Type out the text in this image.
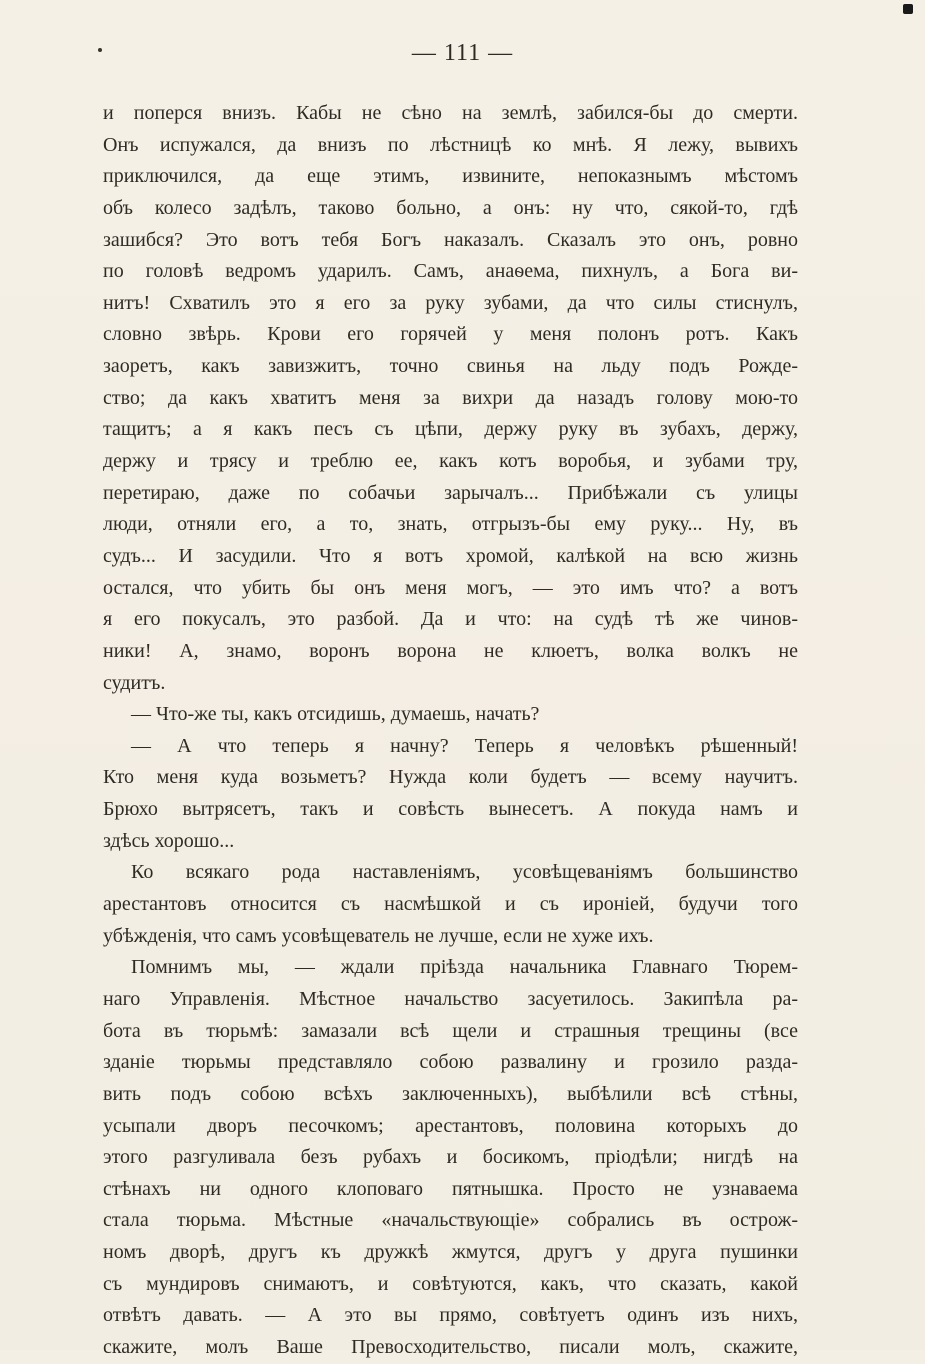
— 111 —
и поперся внизъ. Кабы не сѣно на землѣ, забился-бы до смерти.
Онъ испужался, да внизъ по лѣстницѣ ко мнѣ. Я лежу, вывихъ
приключился, да еще этимъ, извините, непоказнымъ мѣстомъ
объ колесо задѣлъ, таково больно, а онъ: ну что, сякой-то, гдѣ
зашибся? Это вотъ тебя Богъ наказалъ. Сказалъ это онъ, ровно
по головѣ ведромъ ударилъ. Самъ, анаѳема, пихнулъ, а Бога ви-
нитъ! Схватилъ это я его за руку зубами, да что силы стиснулъ,
словно звѣрь. Крови его горячей у меня полонъ ротъ. Какъ
заоретъ, какъ завизжитъ, точно свинья на льду подъ Рожде-
ство; да какъ хватитъ меня за вихри да назадъ голову мою-то
тащитъ; а я какъ песъ съ цѣпи, держу руку въ зубахъ, держу,
держу и трясу и треблю ее, какъ котъ воробья, и зубами тру,
перетираю, даже по собачьи зарычалъ... Прибѣжали съ улицы
люди, отняли его, а то, знать, отгрызъ-бы ему руку... Ну, въ
судъ... И засудили. Что я вотъ хромой, калѣкой на всю жизнь
остался, что убить бы онъ меня могъ, — это имъ что? а вотъ
я его покусалъ, это разбой. Да и что: на судѣ тѣ же чинов-
ники! А, знамо, воронъ ворона не клюетъ, волка волкъ не
судитъ.
— Что-же ты, какъ отсидишь, думаешь, начать?
— А что теперь я начну? Теперь я человѣкъ рѣшенный!
Кто меня куда возьметъ? Нужда коли будетъ — всему научитъ.
Брюхо вытрясетъ, такъ и совѣсть вынесетъ. А покуда намъ и
здѣсь хорошо...
Ко всякаго рода наставленіямъ, усовѣщеваніямъ большинство
арестантовъ относится съ насмѣшкой и съ ироніей, будучи того
убѣжденія, что самъ усовѣщеватель не лучше, если не хуже ихъ.
Помнимъ мы, — ждали пріѣзда начальника Главнаго Тюрем-
наго Управленія. Мѣстное начальство засуетилось. Закипѣла ра-
бота въ тюрьмѣ: замазали всѣ щели и страшныя трещины (все
зданіе тюрьмы представляло собою развалину и грозило разда-
вить подъ собою всѣхъ заключенныхъ), выбѣлили всѣ стѣны,
усыпали дворъ песочкомъ; арестантовъ, половина которыхъ до
этого разгуливала безъ рубахъ и босикомъ, пріодѣли; нигдѣ на
стѣнахъ ни одного клоповаго пятнышка. Просто не узнаваема
стала тюрьма. Мѣстные «начальствующіе» собрались въ острож-
номъ дворѣ, другъ къ дружкѣ жмутся, другъ у друга пушинки
съ мундировъ снимаютъ, и совѣтуются, какъ, что сказать, какой
отвѣтъ давать. — А это вы прямо, совѣтуетъ одинъ изъ нихъ,
скажите, молъ Ваше Превосходительство, писали молъ, скажите,
